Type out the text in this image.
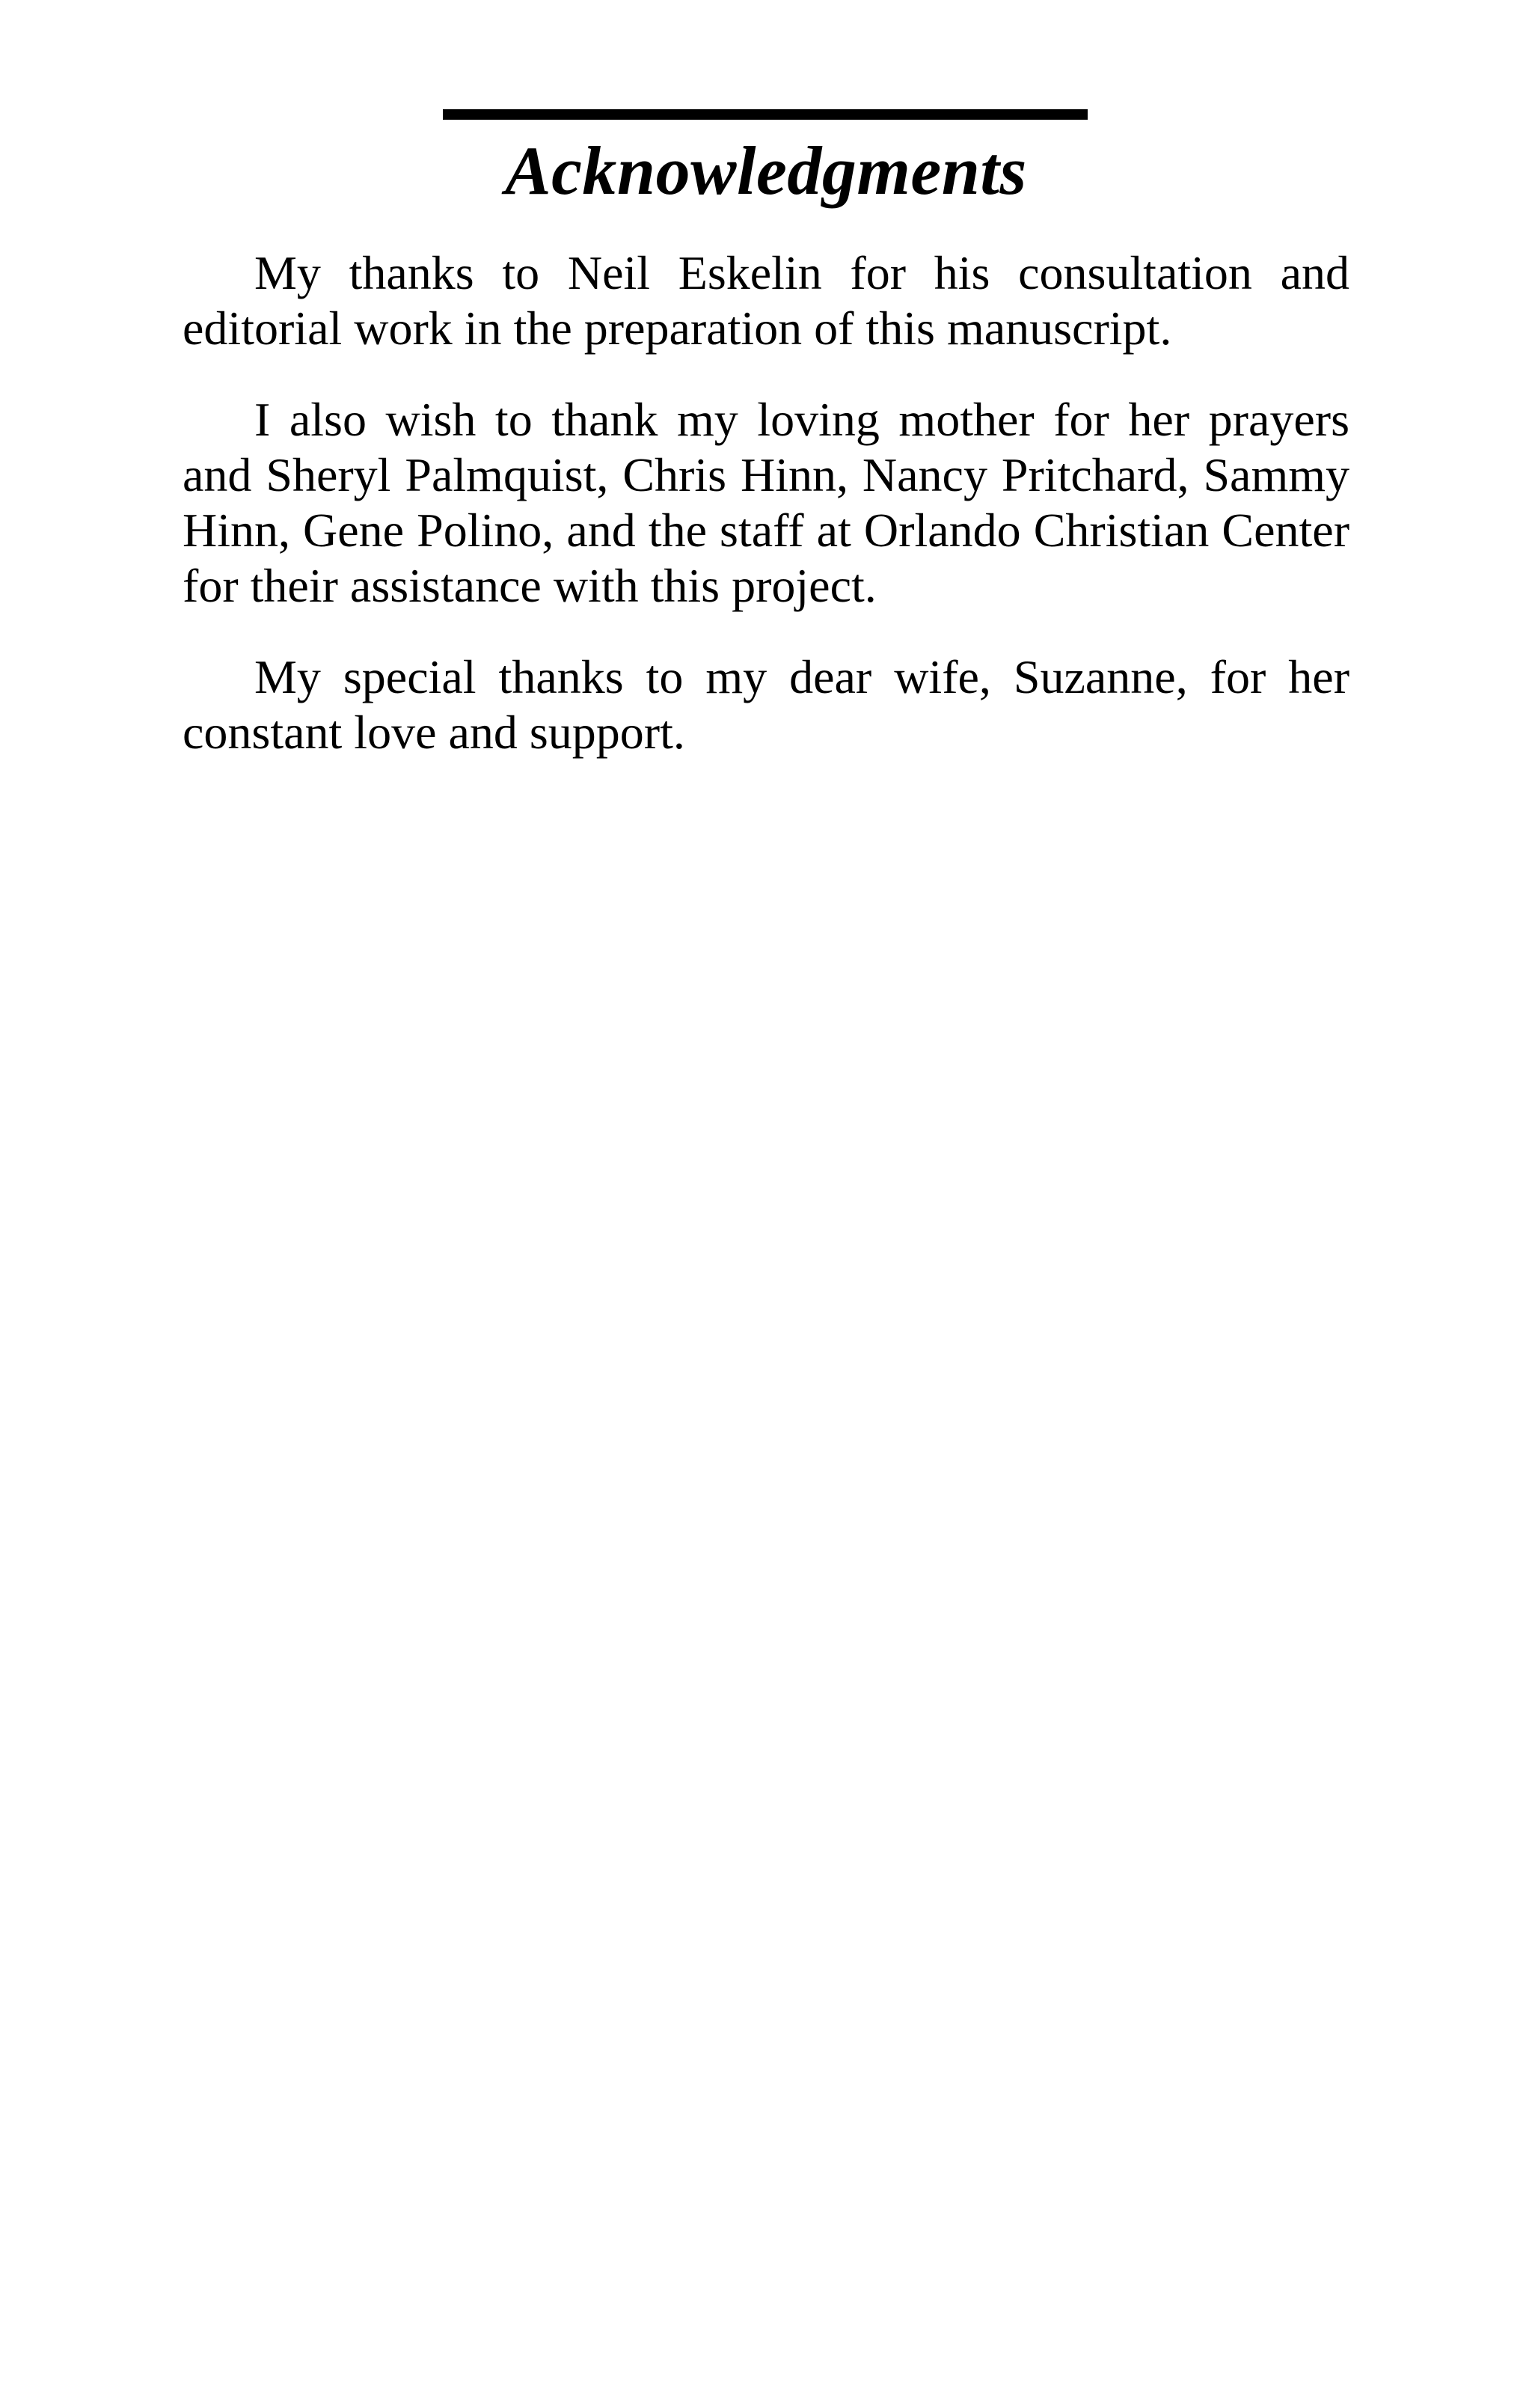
Acknowledgments

My thanks to Neil Eskelin for his consultation and editorial work in the preparation of this manuscript.

I also wish to thank my loving mother for her prayers and Sheryl Palmquist, Chris Hinn, Nancy Pritchard, Sammy Hinn, Gene Polino, and the staff at Orlando Christian Center for their assistance with this project.

My special thanks to my dear wife, Suzanne, for her constant love and support.
